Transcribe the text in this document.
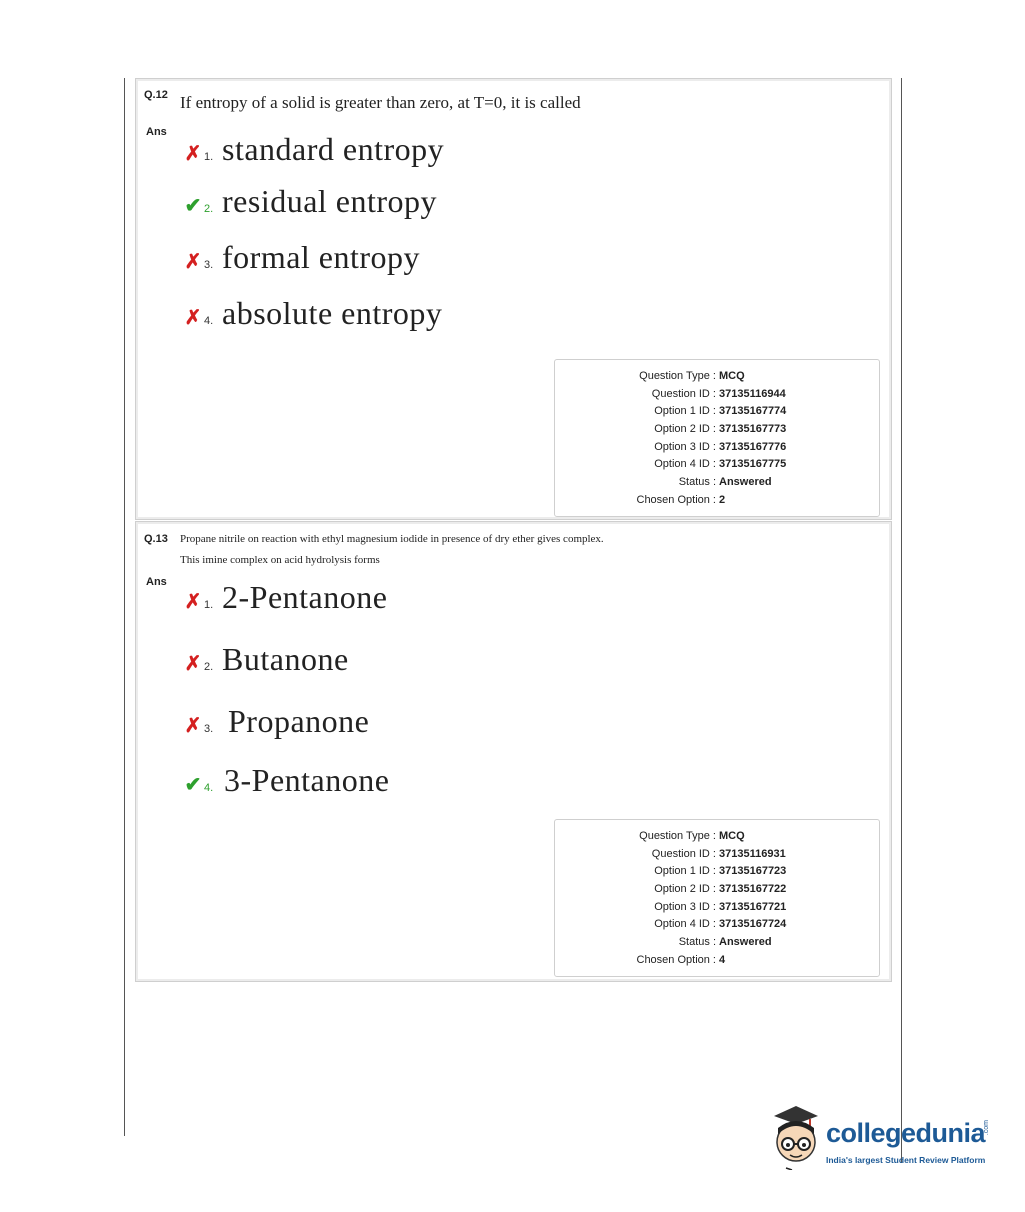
Q.12 If entropy of a solid is greater than zero, at T=0, it is called
Ans
✗ 1. standard entropy
✔ 2. residual entropy
✗ 3. formal entropy
✗ 4. absolute entropy
Question Type : MCQ
Question ID : 37135116944
Option 1 ID : 37135167774
Option 2 ID : 37135167773
Option 3 ID : 37135167776
Option 4 ID : 37135167775
Status : Answered
Chosen Option : 2
Q.13 Propane nitrile on reaction with ethyl magnesium iodide in presence of dry ether gives complex.
This imine complex on acid hydrolysis forms
Ans
✗ 1. 2-Pentanone
✗ 2. Butanone
✗ 3. Propanone
✔ 4. 3-Pentanone
Question Type : MCQ
Question ID : 37135116931
Option 1 ID : 37135167723
Option 2 ID : 37135167722
Option 3 ID : 37135167721
Option 4 ID : 37135167724
Status : Answered
Chosen Option : 4
collegedunia
.com
India's largest Student Review Platform
